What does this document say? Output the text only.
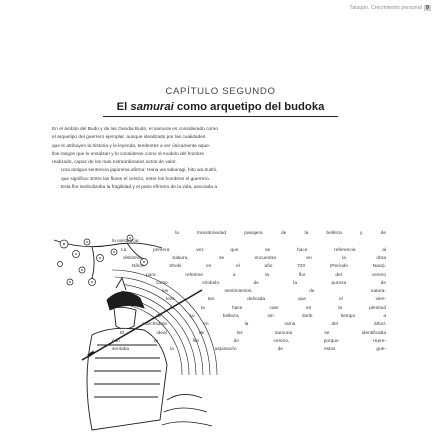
Tatsujin. Crecimiento personal 9
CAPÍTULO SEGUNDO
El samurai como arquetipo del budoka

En el ámbito del Budo y de las Gendai Budo, el samurai es considerado como
el arquetipo del guerrero ejemplar, aunque idealizado por las cualidades
que le atribuyen la historia y la leyenda, tendentes a ver únicamente aque-
llos rasgos que lo ensalzan y lo consideran como el modelo del hombre
realizado, capaz de los mas extraordinarios actos de valor.

Una antigua sentencia japonesa afirma: Hana wa sakuragi, hito wa bushi,
que significa: Entre las flores el cerezo, entre los hombres el guerrero.

Esta flor simbolizaba la fragilidad y el paso efímero de la vida, asociada a

la transitoriedad pasajera de la belleza y de
la existencia.
La primera vez que se hace referencia al
distintivo Sakura, se encuentra en la obra
Nihon Shoki en el año 720 (Periodo Nara),
para referirse a la flor del cerezo
como símbolo de la pureza de
los sentimientos, de natura-
leza tan delicada que el vien-
to la hace caer en la plenitud
de su belleza, sin darle tiempo a
marchitarse en la rama del árbol.
El ideal de los samurai se identificaba
con la flor de cerezo, porque repre-
sentaba la aspiración de estos gue-
